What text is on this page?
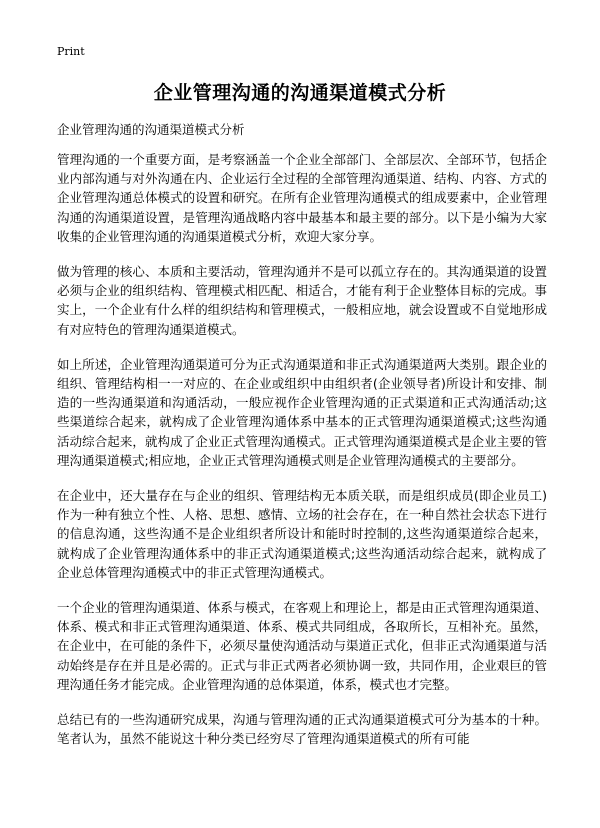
Print
企业管理沟通的沟通渠道模式分析
企业管理沟通的沟通渠道模式分析

管理沟通的一个重要方面，是考察涵盖一个企业全部部门、全部层次、全部环节，包括企业内部沟通与对外沟通在内、企业运行全过程的全部管理沟通渠道、结构、内容、方式的企业管理沟通总体模式的设置和研究。在所有企业管理沟通模式的组成要素中，企业管理沟通的沟通渠道设置，是管理沟通战略内容中最基本和最主要的部分。以下是小编为大家收集的企业管理沟通的沟通渠道模式分析，欢迎大家分享。

做为管理的核心、本质和主要活动，管理沟通并不是可以孤立存在的。其沟通渠道的设置必须与企业的组织结构、管理模式相匹配、相适合，才能有利于企业整体目标的完成。事实上，一个企业有什么样的组织结构和管理模式，一般相应地，就会设置或不自觉地形成有对应特色的管理沟通渠道模式。

如上所述，企业管理沟通渠道可分为正式沟通渠道和非正式沟通渠道两大类别。跟企业的组织、管理结构相一一对应的、在企业或组织中由组织者(企业领导者)所设计和安排、制造的一些沟通渠道和沟通活动，一般应视作企业管理沟通的正式渠道和正式沟通活动;这些渠道综合起来，就构成了企业管理沟通体系中基本的正式管理沟通渠道模式;这些沟通活动综合起来，就构成了企业正式管理沟通模式。正式管理沟通渠道模式是企业主要的管理沟通渠道模式;相应地，企业正式管理沟通模式则是企业管理沟通模式的主要部分。

在企业中，还大量存在与企业的组织、管理结构无本质关联，而是组织成员(即企业员工)作为一种有独立个性、人格、思想、感情、立场的社会存在，在一种自然社会状态下进行的信息沟通，这些沟通不是企业组织者所设计和能时时控制的,这些沟通渠道综合起来，就构成了企业管理沟通体系中的非正式沟通渠道模式;这些沟通活动综合起来，就构成了企业总体管理沟通模式中的非正式管理沟通模式。

一个企业的管理沟通渠道、体系与模式，在客观上和理论上，都是由正式管理沟通渠道、体系、模式和非正式管理沟通渠道、体系、模式共同组成，各取所长，互相补充。虽然，在企业中，在可能的条件下，必须尽量使沟通活动与渠道正式化，但非正式沟通渠道与活动始终是存在并且是必需的。正式与非正式两者必须协调一致，共同作用，企业艰巨的管理沟通任务才能完成。企业管理沟通的总体渠道，体系，模式也才完整。

总结已有的一些沟通研究成果，沟通与管理沟通的正式沟通渠道模式可分为基本的十种。笔者认为，虽然不能说这十种分类已经穷尽了管理沟通渠道模式的所有可能
